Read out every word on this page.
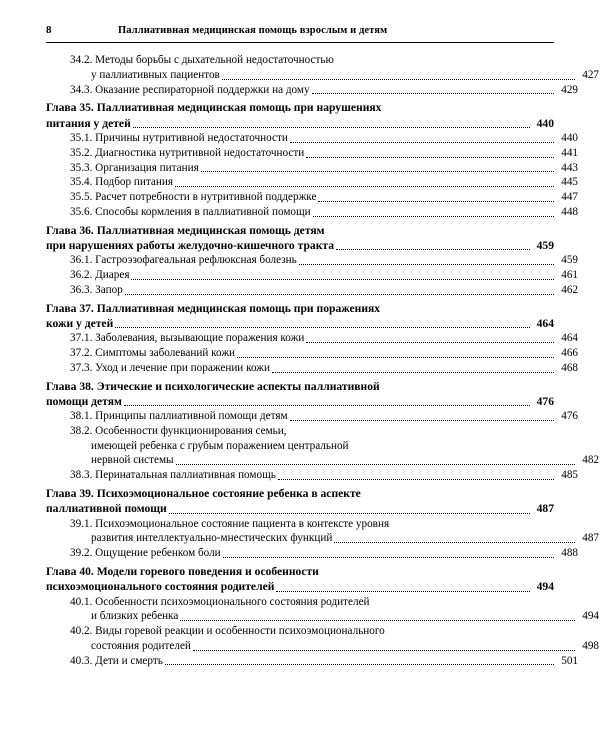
8	Паллиативная медицинская помощь взрослым и детям
34.2. Методы борьбы с дыхательной недостаточностью
у паллиативных пациентов	427
34.3. Оказание респираторной поддержки на дому	429
Глава 35. Паллиативная медицинская помощь при нарушениях
питания у детей	440
35.1. Причины нутритивной недостаточности	440
35.2. Диагностика нутритивной недостаточности	441
35.3. Организация питания	443
35.4. Подбор питания	445
35.5. Расчет потребности в нутритивной поддержке	447
35.6. Способы кормления в паллиативной помощи	448
Глава 36. Паллиативная медицинская помощь детям
при нарушениях работы желудочно-кишечного тракта	459
36.1. Гастроэзофагеальная рефлюксная болезнь	459
36.2. Диарея	461
36.3. Запор	462
Глава 37. Паллиативная медицинская помощь при поражениях
кожи у детей	464
37.1. Заболевания, вызывающие поражения кожи	464
37.2. Симптомы заболеваний кожи	466
37.3. Уход и лечение при поражении кожи	468
Глава 38. Этические и психологические аспекты паллиативной
помощи детям	476
38.1. Принципы паллиативной помощи детям	476
38.2. Особенности функционирования семьи,
имеющей ребенка с грубым поражением центральной
нервной системы	482
38.3. Перинатальная паллиативная помощь	485
Глава 39. Психоэмоциональное состояние ребенка в аспекте
паллиативной помощи	487
39.1. Психоэмоциональное состояние пациента в контексте уровня
развития интеллектуально-мнестических функций	487
39.2. Ощущение ребенком боли	488
Глава 40. Модели горевого поведения и особенности
психоэмоционального состояния родителей	494
40.1. Особенности психоэмоционального состояния родителей
и близких ребенка	494
40.2. Виды горевой реакции и особенности психоэмоционального
состояния родителей	498
40.3. Дети и смерть	501
